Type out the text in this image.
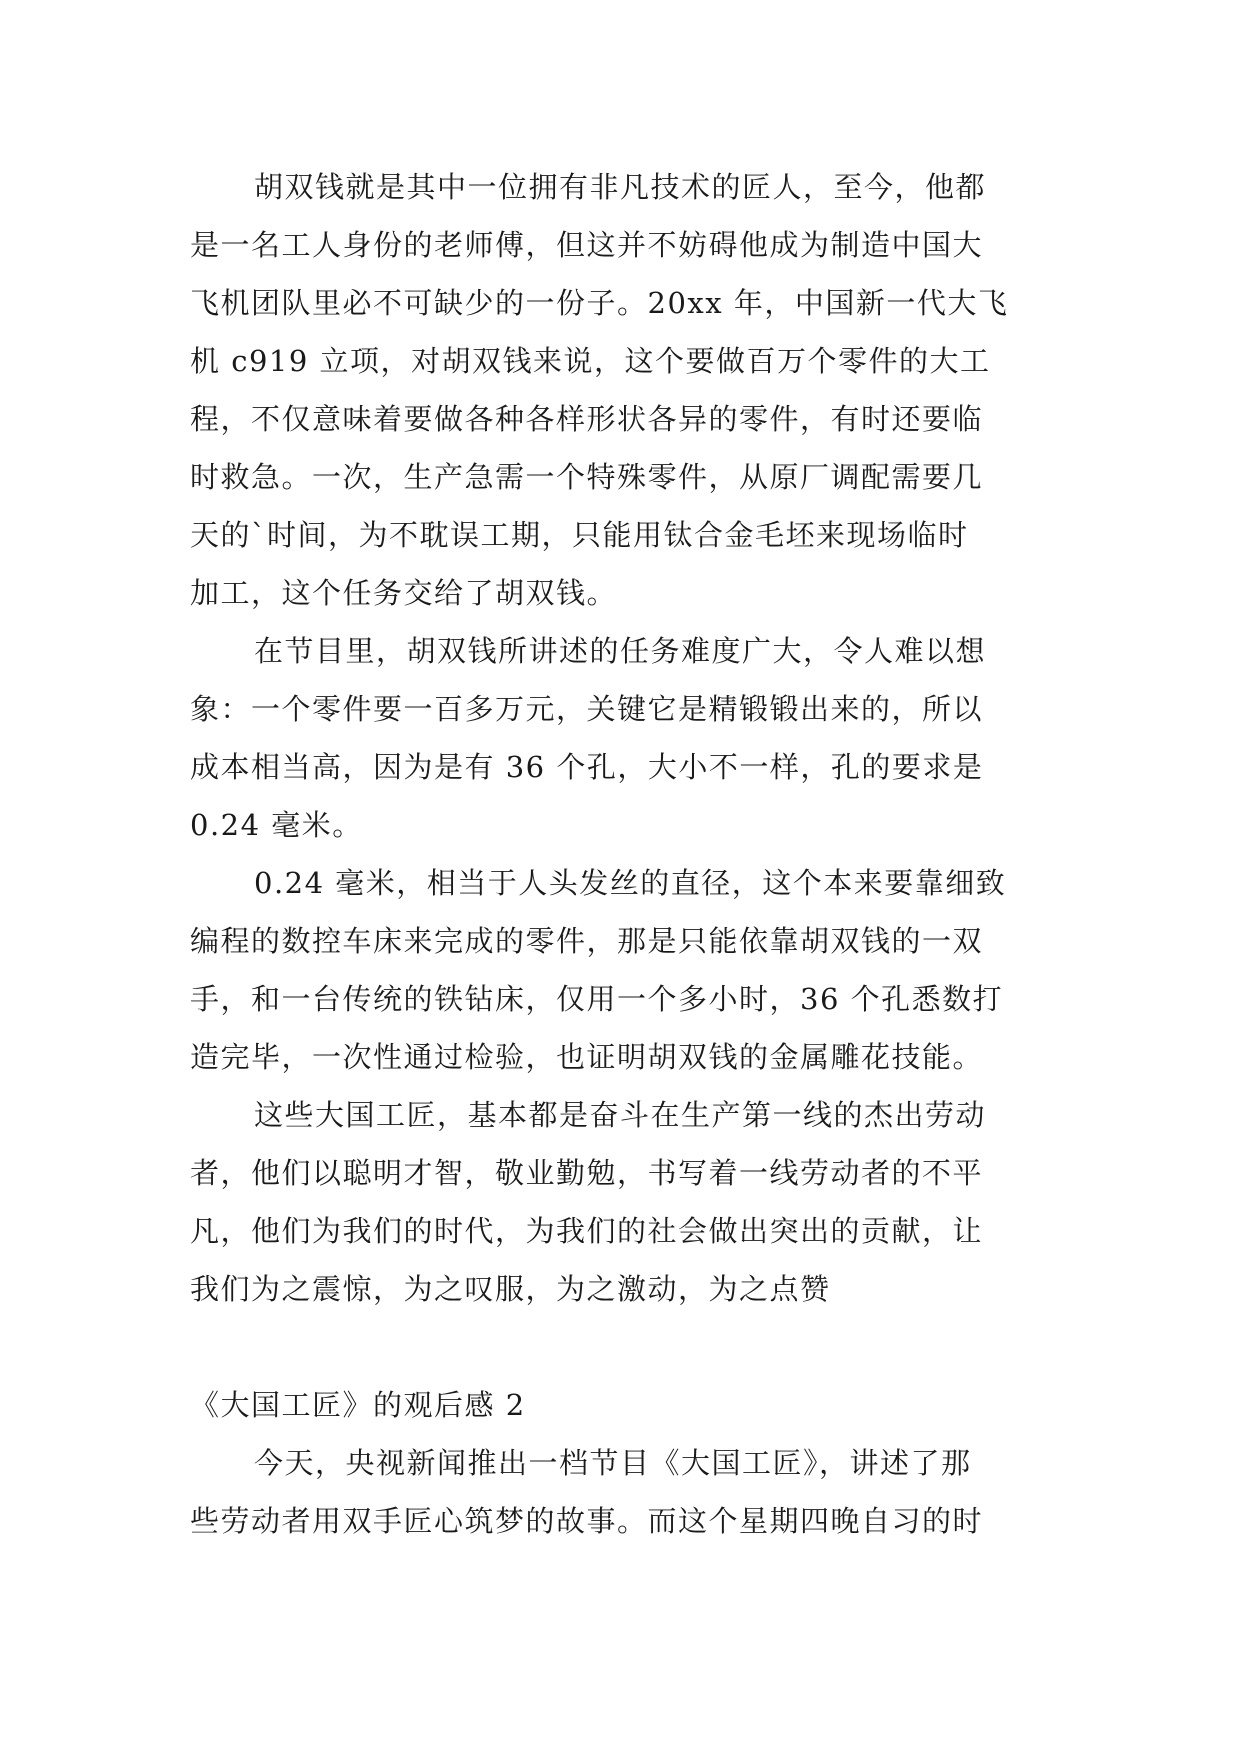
胡双钱就是其中一位拥有非凡技术的匠人，至今，他都
是一名工人身份的老师傅，但这并不妨碍他成为制造中国大
飞机团队里必不可缺少的一份子。20xx 年，中国新一代大飞
机 c919 立项，对胡双钱来说，这个要做百万个零件的大工
程，不仅意味着要做各种各样形状各异的零件，有时还要临
时救急。一次，生产急需一个特殊零件，从原厂调配需要几
天的`时间，为不耽误工期，只能用钛合金毛坯来现场临时
加工，这个任务交给了胡双钱。

在节目里，胡双钱所讲述的任务难度广大，令人难以想
象：一个零件要一百多万元，关键它是精锻锻出来的，所以
成本相当高，因为是有 36 个孔，大小不一样，孔的要求是
0.24 毫米。

0.24 毫米，相当于人头发丝的直径，这个本来要靠细致
编程的数控车床来完成的零件，那是只能依靠胡双钱的一双
手，和一台传统的铁钻床，仅用一个多小时，36 个孔悉数打
造完毕，一次性通过检验，也证明胡双钱的金属雕花技能。

这些大国工匠，基本都是奋斗在生产第一线的杰出劳动
者，他们以聪明才智，敬业勤勉，书写着一线劳动者的不平
凡，他们为我们的时代，为我们的社会做出突出的贡献，让
我们为之震惊，为之叹服，为之激动，为之点赞

《大国工匠》的观后感 2

今天，央视新闻推出一档节目《大国工匠》，讲述了那
些劳动者用双手匠心筑梦的故事。而这个星期四晚自习的时
